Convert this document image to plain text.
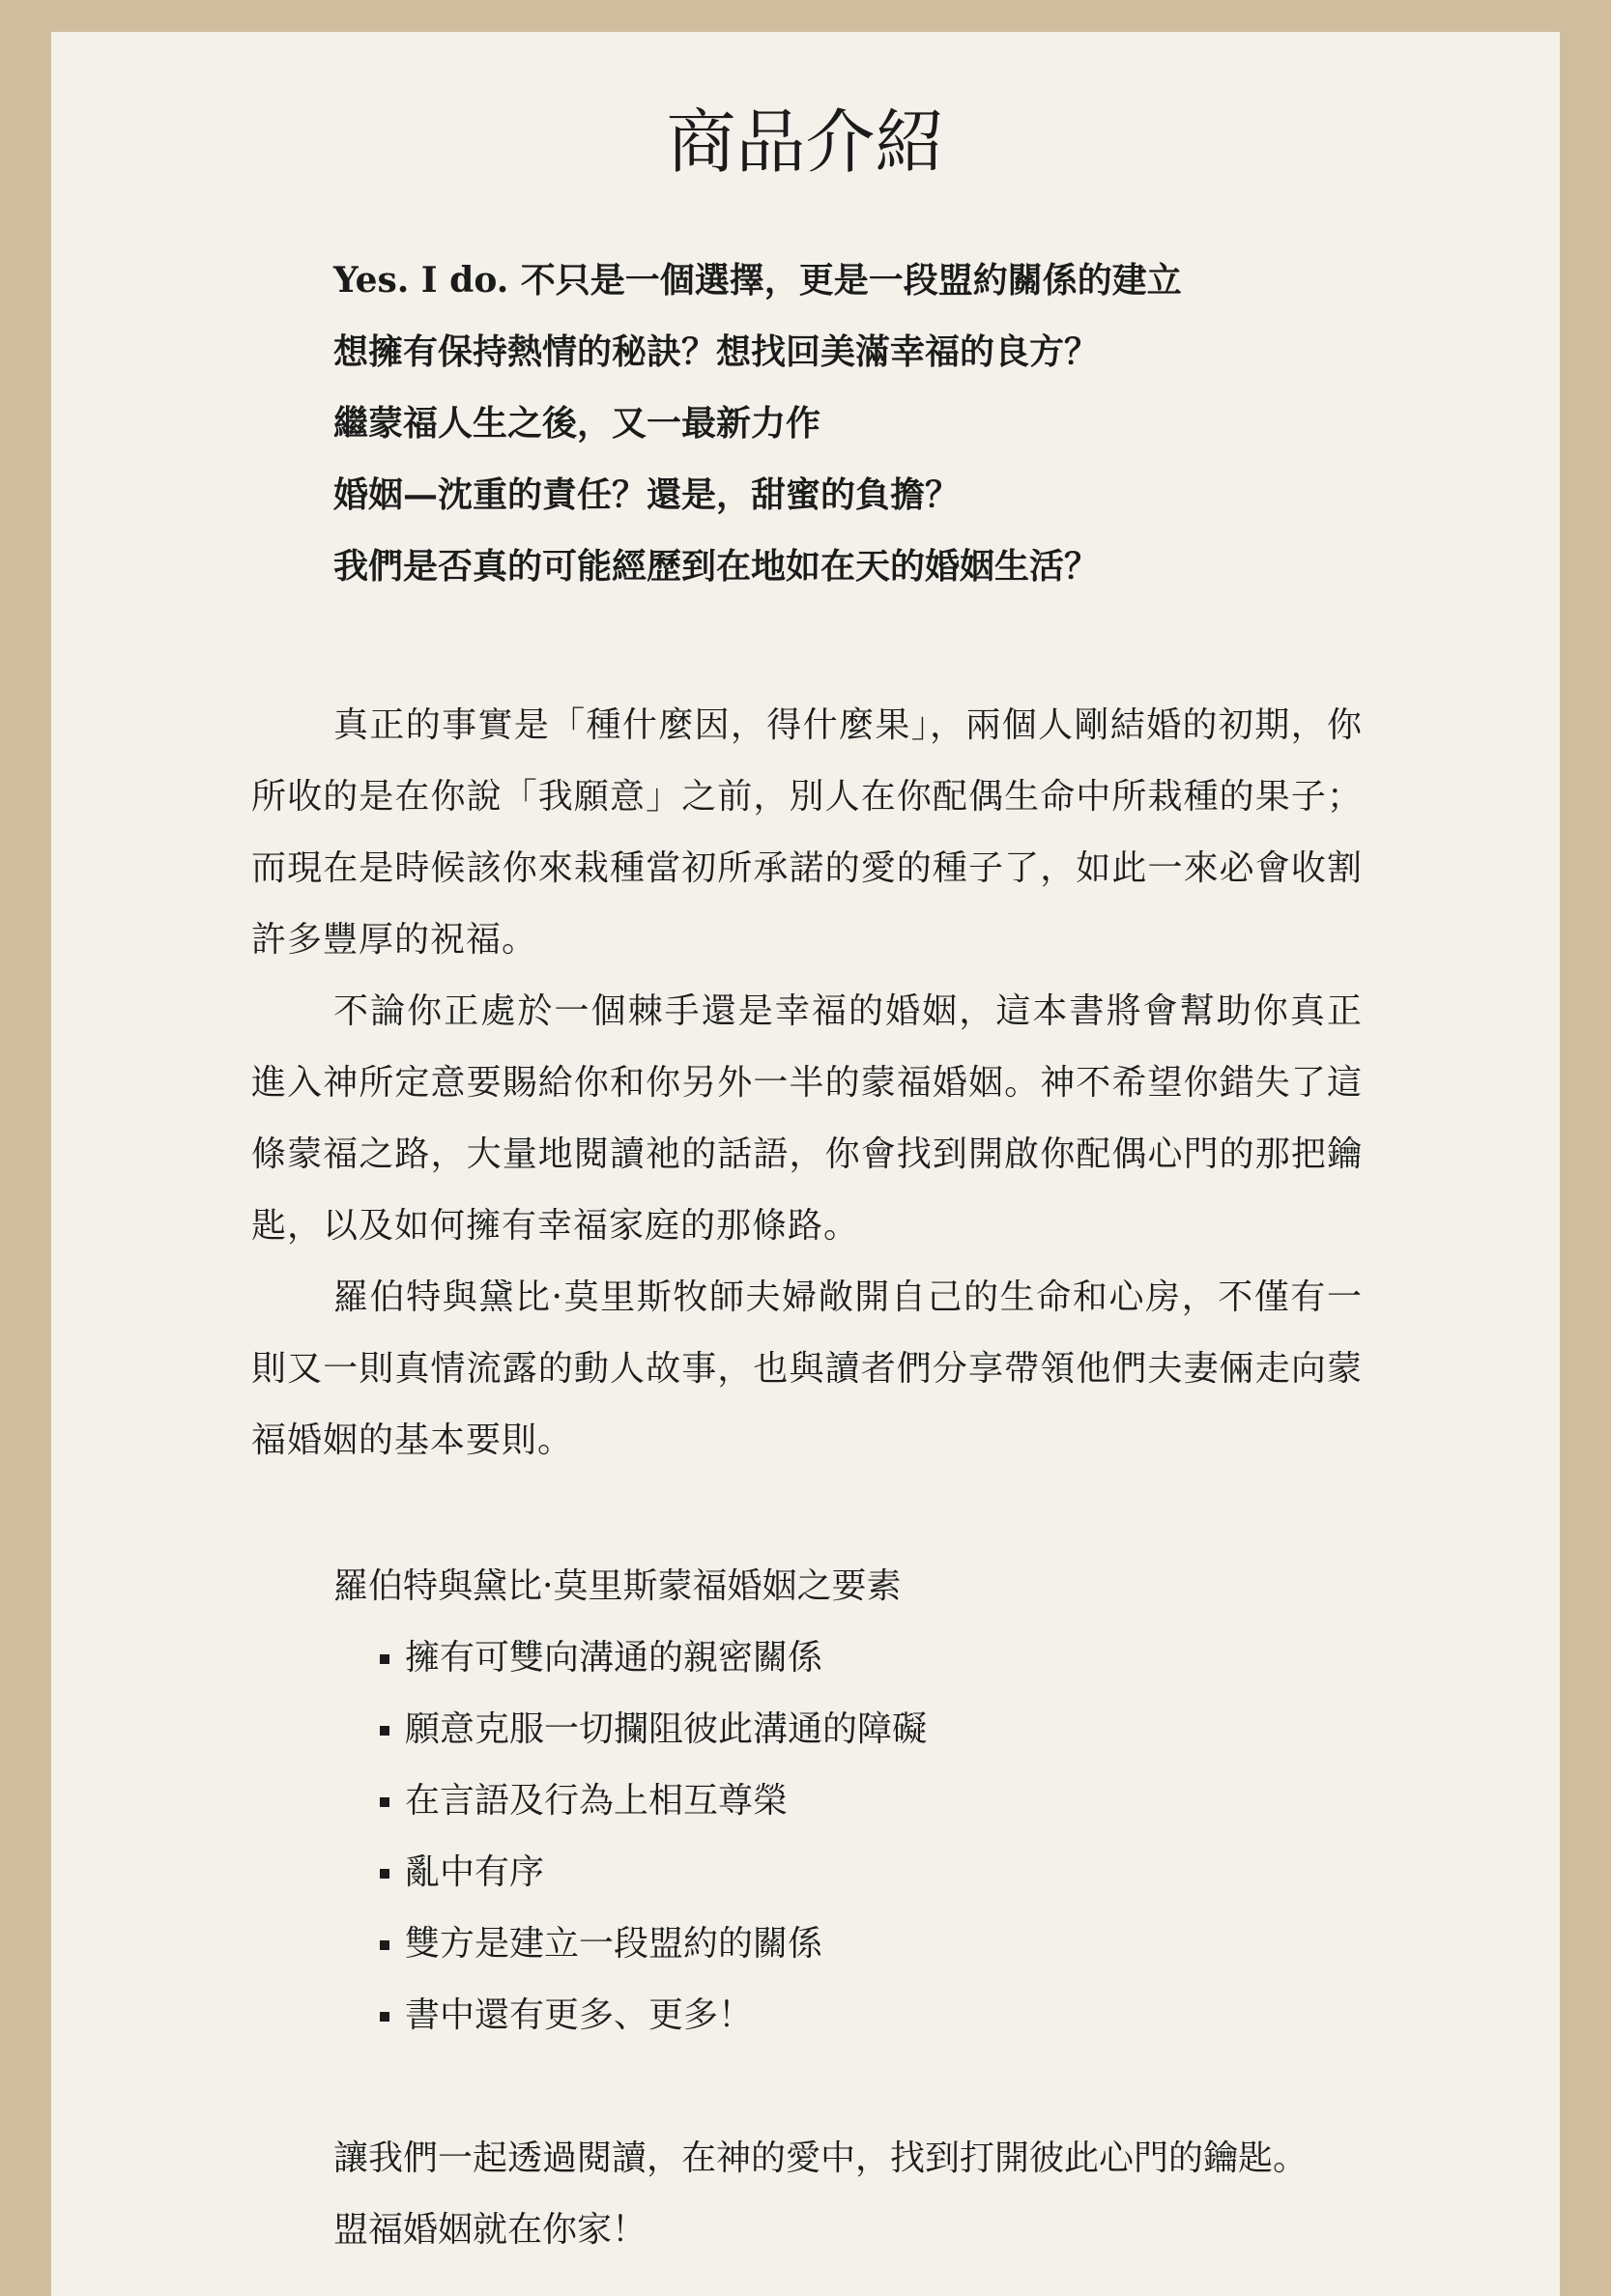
商品介紹
Yes. I do. 不只是一個選擇，更是一段盟約關係的建立
想擁有保持熱情的秘訣？想找回美滿幸福的良方？
繼蒙福人生之後，又一最新力作
婚姻—沈重的責任？還是，甜蜜的負擔？
我們是否真的可能經歷到在地如在天的婚姻生活？

真正的事實是「種什麼因，得什麼果」，兩個人剛結婚的初期，你所收的是在你說「我願意」之前，別人在你配偶生命中所栽種的果子；而現在是時候該你來栽種當初所承諾的愛的種子了，如此一來必會收割許多豐厚的祝福。

不論你正處於一個棘手還是幸福的婚姻，這本書將會幫助你真正進入神所定意要賜給你和你另外一半的蒙福婚姻。神不希望你錯失了這條蒙福之路，大量地閱讀祂的話語，你會找到開啟你配偶心門的那把鑰匙，以及如何擁有幸福家庭的那條路。

羅伯特與黛比·莫里斯牧師夫婦敞開自己的生命和心房，不僅有一則又一則真情流露的動人故事，也與讀者們分享帶領他們夫妻倆走向蒙福婚姻的基本要則。

羅伯特與黛比·莫里斯蒙福婚姻之要素
擁有可雙向溝通的親密關係
願意克服一切攔阻彼此溝通的障礙
在言語及行為上相互尊榮
亂中有序
雙方是建立一段盟約的關係
書中還有更多、更多！
讓我們一起透過閱讀，在神的愛中，找到打開彼此心門的鑰匙。
盟福婚姻就在你家！
